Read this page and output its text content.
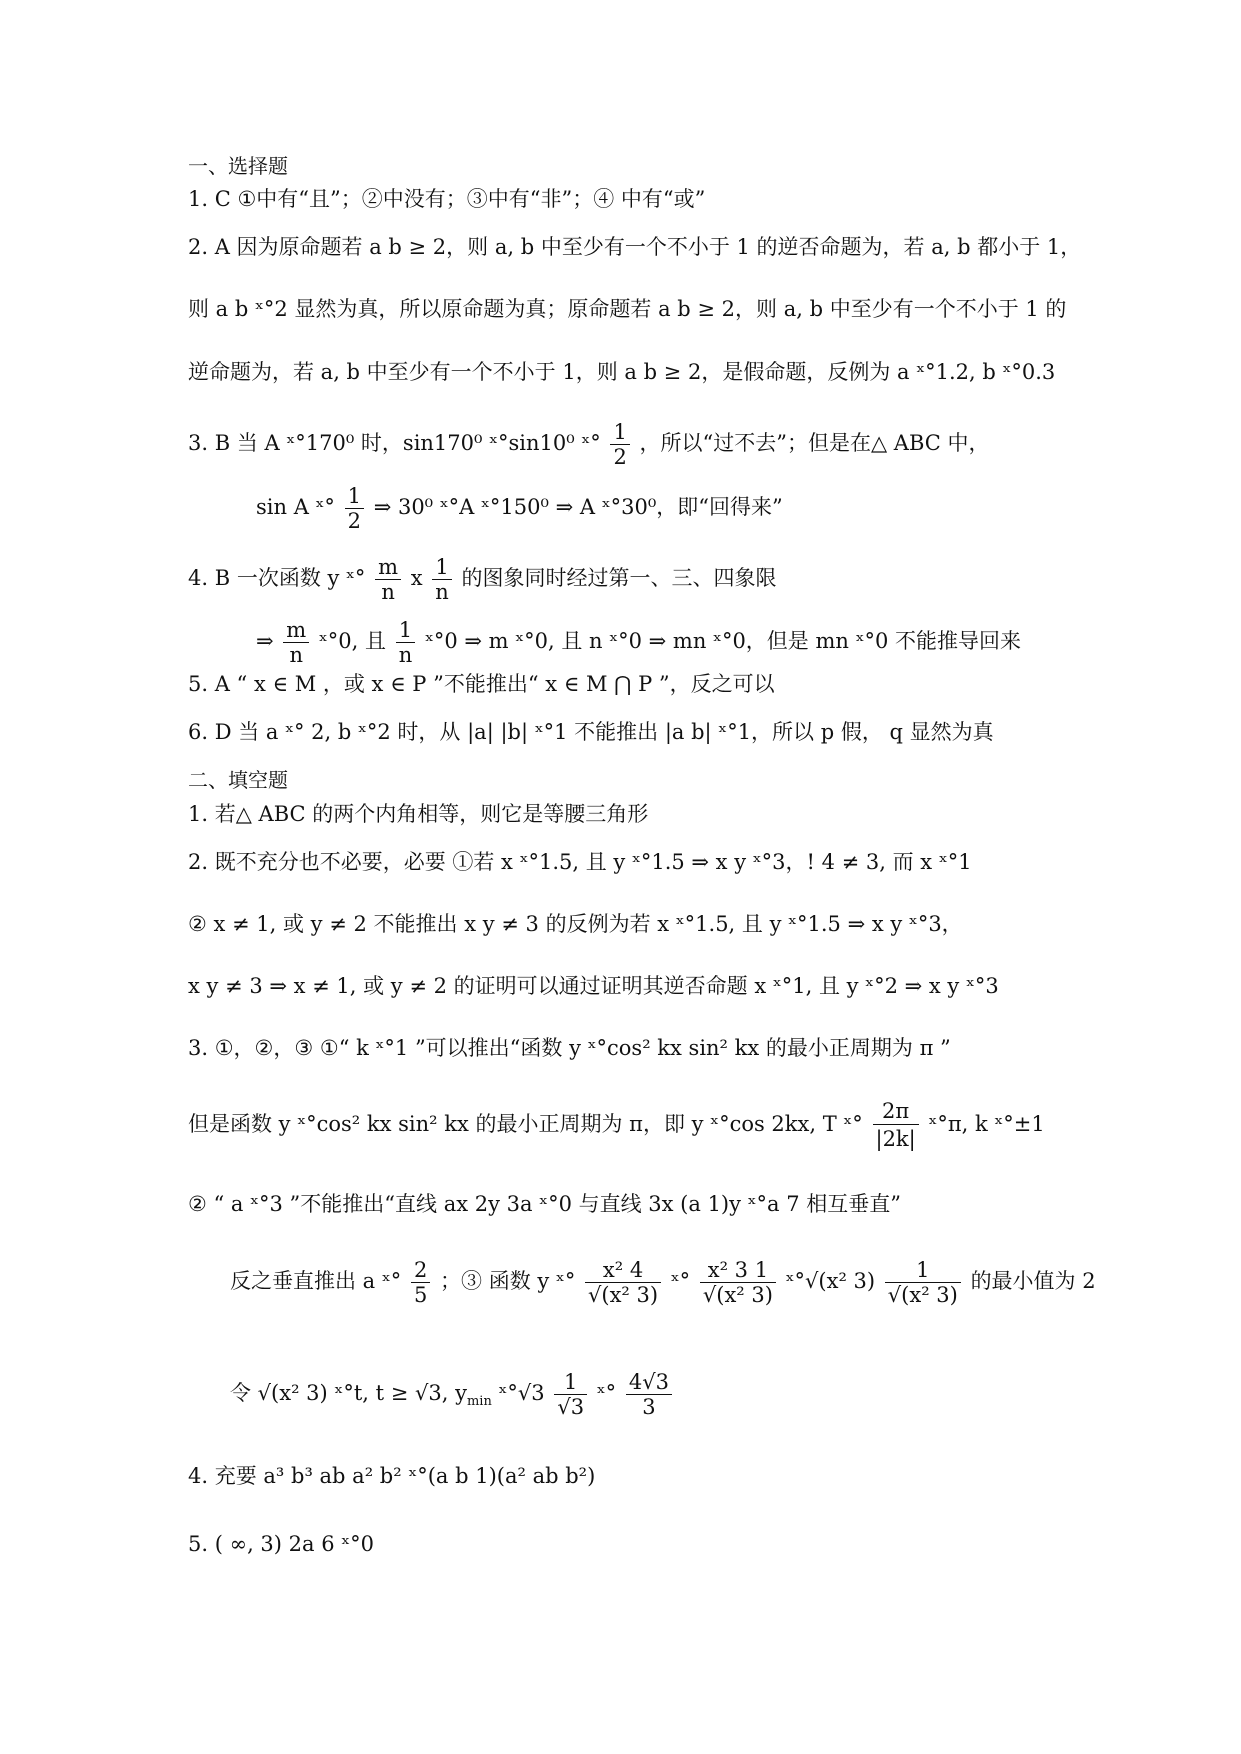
一、选择题
1. C ①中有“且”；②中没有；③中有“非”；④ 中有“或”
2. A 因为原命题若 a b ≥ 2，则 a, b 中至少有一个不小于 1 的逆否命题为，若 a, b 都小于 1，
则 a b ˣ°2 显然为真，所以原命题为真；原命题若 a b ≥ 2，则 a, b 中至少有一个不小于 1 的
逆命题为，若 a, b 中至少有一个不小于 1，则 a b ≥ 2，是假命题，反例为 a ˣ°1.2, b ˣ°0.3
3. B 当 A ˣ°170⁰ 时，sin170⁰ ˣ°sin10⁰ ˣ° $\frac{1}{2}$ ，所以“过不去”；但是在△ ABC 中，
sin A ˣ° $\frac{1}{2}$ ⇒ 30⁰ ˣ°A ˣ°150⁰ ⇒ A ˣ°30⁰，即“回得来”
4. B 一次函数 y ˣ° $\frac{m}{n}$ x $\frac{1}{n}$ 的图象同时经过第一、三、四象限
⇒ $\frac{m}{n}$ ˣ°0, 且 $\frac{1}{n}$ ˣ°0 ⇒ m ˣ°0, 且 n ˣ°0 ⇒ mn ˣ°0，但是 mn ˣ°0 不能推导回来
5. A “ x ∈ M ，或 x ∈ P ”不能推出“ x ∈ M ⋂ P ”，反之可以
6. D 当 a ˣ° 2, b ˣ°2 时，从 |a| |b| ˣ°1 不能推出 |a b| ˣ°1，所以 p 假， q 显然为真
二、填空题
1. 若△ ABC 的两个内角相等，则它是等腰三角形
2. 既不充分也不必要，必要 ①若 x ˣ°1.5, 且 y ˣ°1.5 ⇒ x y ˣ°3，! 4 ≠ 3, 而 x ˣ°1
② x ≠ 1, 或 y ≠ 2 不能推出 x y ≠ 3 的反例为若 x ˣ°1.5, 且 y ˣ°1.5 ⇒ x y ˣ°3，
x y ≠ 3 ⇒ x ≠ 1, 或 y ≠ 2 的证明可以通过证明其逆否命题 x ˣ°1, 且 y ˣ°2 ⇒ x y ˣ°3
3. ①，②，③ ①“ k ˣ°1 ”可以推出“函数 y ˣ°cos² kx sin² kx 的最小正周期为 π ”
但是函数 y ˣ°cos² kx sin² kx 的最小正周期为 π，即 y ˣ°cos 2kx, T ˣ° $\frac{2\pi}{|2k|}$ ˣ°π, k ˣ°±1
② “ a ˣ°3 ”不能推出“直线 ax 2y 3a ˣ°0 与直线 3x (a 1)y ˣ°a 7 相互垂直”
反之垂直推出 a ˣ° $\frac{2}{5}$ ；③ 函数 y ˣ° $\frac{\text{x² 4}}{\text{√(x² 3)}}$ ˣ° $\frac{\text{x² 3 1}}{\text{√(x² 3)}}$ ˣ°√(x² $3) \frac{1}{\text{√(x² 3)}}$ 的最小值为 2
令 √(x² 3) ˣ°t, t ≥ √3, $y_{min}$ ˣ°√3 $\frac{1}{√3}$ ˣ° $\frac{4√3}{3}$
4. 充要 a³ b³ ab a² b² ˣ°(a b 1)(a² ab b²)
5. ( ∞, 3) 2a 6 ˣ°0
